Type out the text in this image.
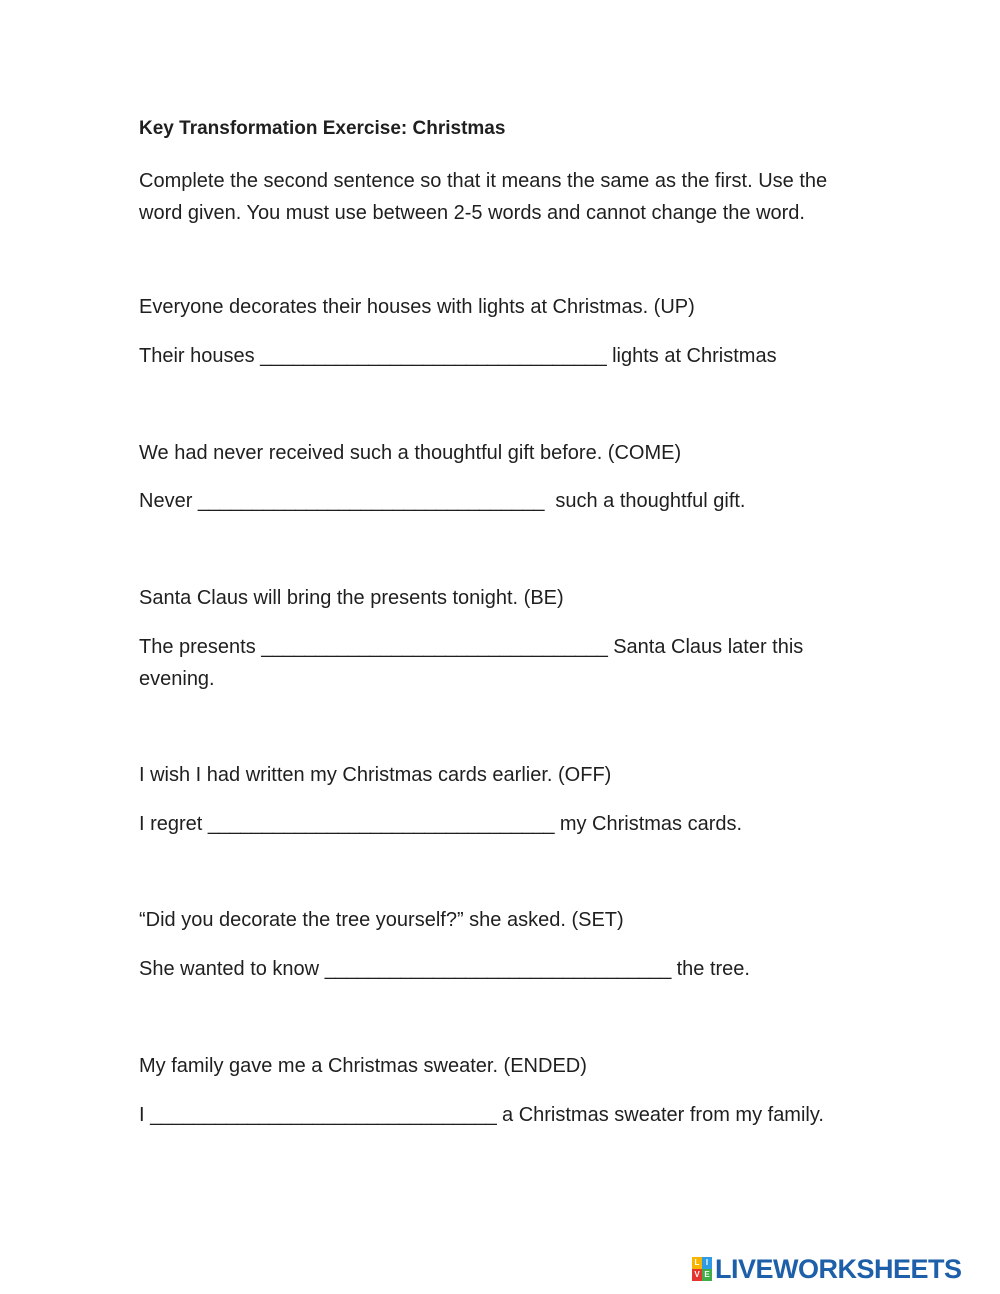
Key Transformation Exercise: Christmas

Complete the second sentence so that it means the same as the first. Use the word given. You must use between 2-5 words and cannot change the word.

Everyone decorates their houses with lights at Christmas. (UP)

Their houses ________________________________ lights at Christmas

We had never received such a thoughtful gift before. (COME)

Never ________________________________  such a thoughtful gift.

Santa Claus will bring the presents tonight. (BE)

The presents ________________________________ Santa Claus later this evening.

I wish I had written my Christmas cards earlier. (OFF)

I regret ________________________________ my Christmas cards.

“Did you decorate the tree yourself?” she asked. (SET)

She wanted to know ________________________________ the tree.

My family gave me a Christmas sweater. (ENDED)

I ________________________________ a Christmas sweater from my family.

L I
V E LIVEWORKSHEETS
